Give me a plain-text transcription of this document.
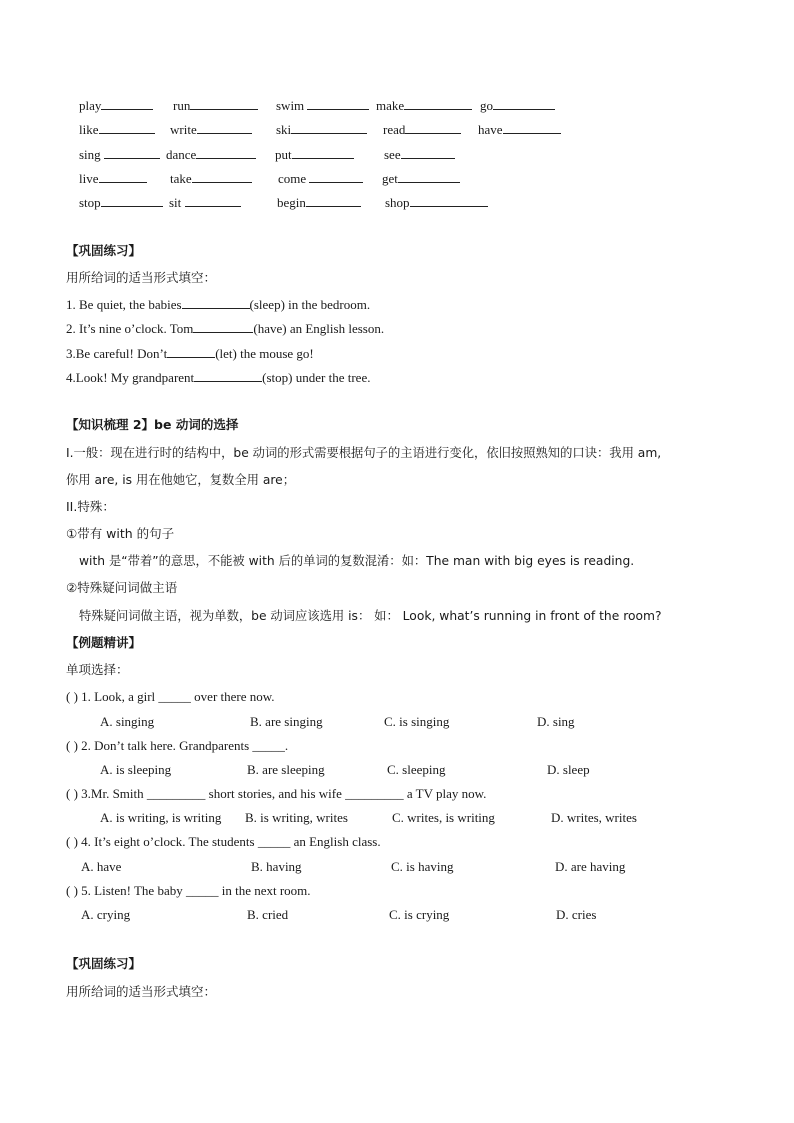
play	run	swim	make	go
like	write	ski	read	have
sing	dance	put	see
live	take	come	get
stop	sit	begin	shop
【巩固练习】
用所给词的适当形式填空：
1. Be quiet, the babies	(sleep) in the bedroom.
2. It’s nine o’clock. Tom	(have) an English lesson.
3.Be careful! Don’t	(let) the mouse go!
4.Look! My grandparent	(stop) under the tree.
【知识梳理 2】be 动词的选择
I.一般：现在进行时的结构中，be 动词的形式需要根据句子的主语进行变化，依旧按照熟知的口诀：我用 am,
你用 are, is 用在他她它，复数全用 are；
II.特殊：
①带有 with 的句子
with 是“带着”的意思，不能被 with 后的单词的复数混淆：如：The man with big eyes is reading.
②特殊疑问词做主语
特殊疑问词做主语，视为单数，be 动词应该选用 is： 如： Look, what’s running in front of the room?
【例题精讲】
单项选择：
( ) 1. Look, a girl _____ over there now.
A. singing	B. are singing	C. is singing	D. sing
( ) 2. Don’t talk here. Grandparents _____.
A. is sleeping	B. are sleeping	C. sleeping	D. sleep
( ) 3.Mr. Smith _________ short stories, and his wife _________ a TV play now.
A. is writing, is writing B. is writing, writes	C. writes, is writing	D. writes, writes
( ) 4. It’s eight o’clock. The students _____ an English class.
A. have	B. having	C. is having	D. are having
( ) 5. Listen! The baby _____ in the next room.
A. crying	B. cried	C. is crying	D. cries
【巩固练习】
用所给词的适当形式填空：
